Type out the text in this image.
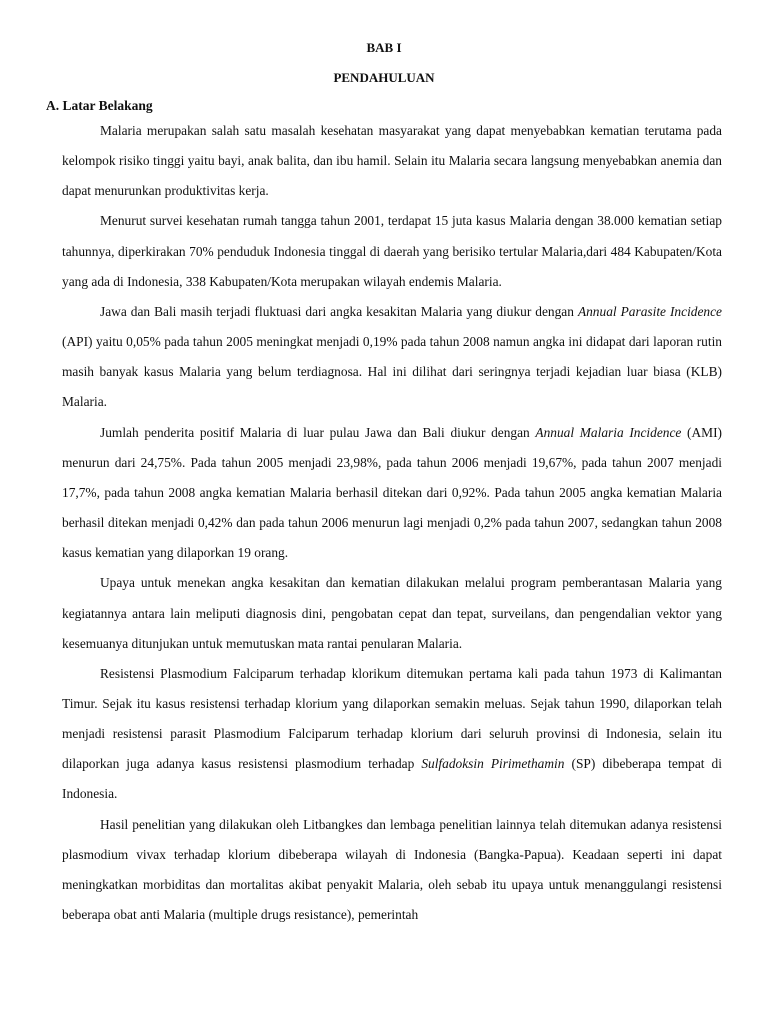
BAB I
PENDAHULUAN
A. Latar Belakang

Malaria merupakan salah satu masalah kesehatan masyarakat yang dapat menyebabkan kematian terutama pada kelompok risiko tinggi yaitu bayi, anak balita, dan ibu hamil. Selain itu Malaria secara langsung menyebabkan anemia dan dapat menurunkan produktivitas kerja.

Menurut survei kesehatan rumah tangga tahun 2001, terdapat 15 juta kasus Malaria dengan 38.000 kematian setiap tahunnya, diperkirakan 70% penduduk Indonesia tinggal di daerah yang berisiko tertular Malaria,dari 484 Kabupaten/Kota yang ada di Indonesia, 338 Kabupaten/Kota merupakan wilayah endemis Malaria.

Jawa dan Bali masih terjadi fluktuasi dari angka kesakitan Malaria yang diukur dengan Annual Parasite Incidence (API) yaitu 0,05% pada tahun 2005 meningkat menjadi 0,19% pada tahun 2008 namun angka ini didapat dari laporan rutin masih banyak kasus Malaria yang belum terdiagnosa. Hal ini dilihat dari seringnya terjadi kejadian luar biasa (KLB) Malaria.

Jumlah penderita positif Malaria di luar pulau Jawa dan Bali diukur dengan Annual Malaria Incidence (AMI) menurun dari 24,75%. Pada tahun 2005 menjadi 23,98%, pada tahun 2006 menjadi 19,67%, pada tahun 2007 menjadi 17,7%, pada tahun 2008 angka kematian Malaria berhasil ditekan dari 0,92%. Pada tahun 2005 angka kematian Malaria berhasil ditekan menjadi 0,42% dan pada tahun 2006 menurun lagi menjadi 0,2% pada tahun 2007, sedangkan tahun 2008 kasus kematian yang dilaporkan 19 orang.

Upaya untuk menekan angka kesakitan dan kematian dilakukan melalui program pemberantasan Malaria yang kegiatannya antara lain meliputi diagnosis dini, pengobatan cepat dan tepat, surveilans, dan pengendalian vektor yang kesemuanya ditunjukan untuk memutuskan mata rantai penularan Malaria.

Resistensi Plasmodium Falciparum terhadap klorikum ditemukan pertama kali pada tahun 1973 di Kalimantan Timur. Sejak itu kasus resistensi terhadap klorium yang dilaporkan semakin meluas. Sejak tahun 1990, dilaporkan telah menjadi resistensi parasit Plasmodium Falciparum terhadap klorium dari seluruh provinsi di Indonesia, selain itu dilaporkan juga adanya kasus resistensi plasmodium terhadap Sulfadoksin Pirimethamin (SP) dibeberapa tempat di Indonesia.

Hasil penelitian yang dilakukan oleh Litbangkes dan lembaga penelitian lainnya telah ditemukan adanya resistensi plasmodium vivax terhadap klorium dibeberapa wilayah di Indonesia (Bangka-Papua). Keadaan seperti ini dapat meningkatkan morbiditas dan mortalitas akibat penyakit Malaria, oleh sebab itu upaya untuk menanggulangi resistensi beberapa obat anti Malaria (multiple drugs resistance), pemerintah
